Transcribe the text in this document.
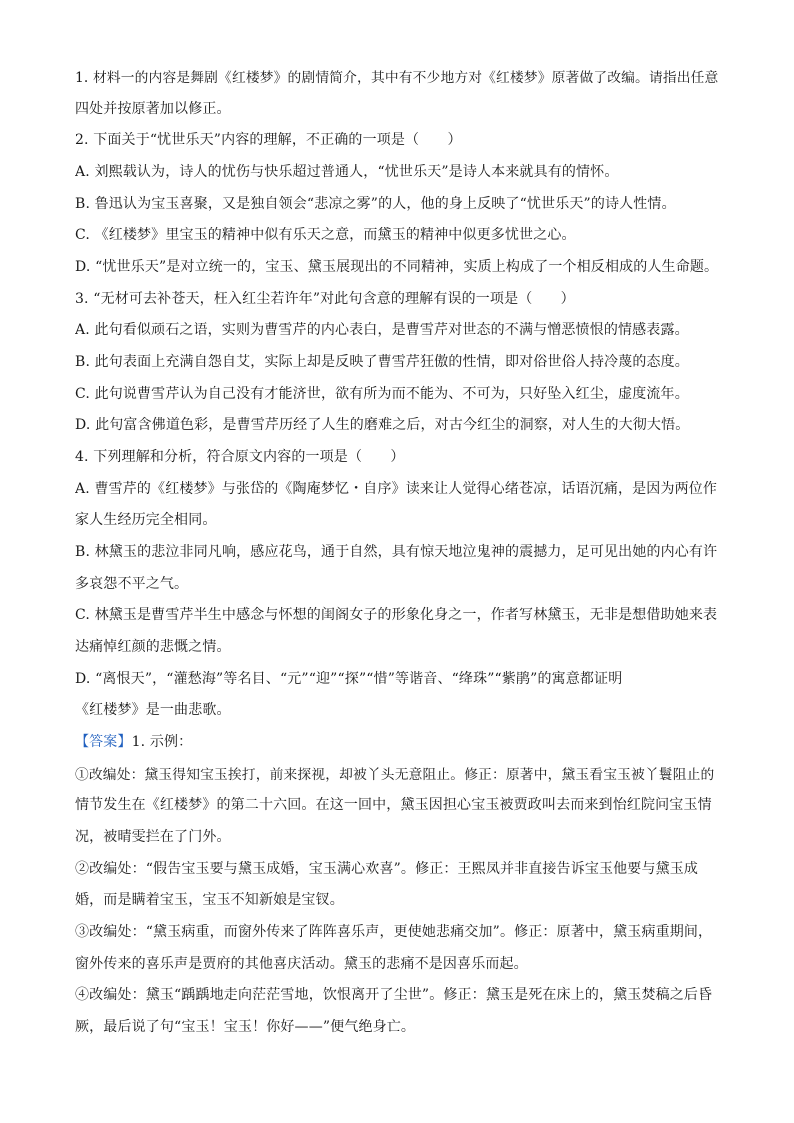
1. 材料一的内容是舞剧《红楼梦》的剧情简介，其中有不少地方对《红楼梦》原著做了改编。请指出任意
四处并按原著加以修正。
2. 下面关于“忧世乐天”内容的理解，不正确的一项是（　　）
A. 刘熙载认为，诗人的忧伤与快乐超过普通人，“忧世乐天”是诗人本来就具有的情怀。
B. 鲁迅认为宝玉喜聚，又是独自领会“悲凉之雾”的人，他的身上反映了“忧世乐天”的诗人性情。
C. 《红楼梦》里宝玉的精神中似有乐天之意，而黛玉的精神中似更多忧世之心。
D. “忧世乐天”是对立统一的，宝玉、黛玉展现出的不同精神，实质上构成了一个相反相成的人生命题。
3. “无材可去补苍天，枉入红尘若许年”对此句含意的理解有误的一项是（　　）
A. 此句看似顽石之语，实则为曹雪芹的内心表白，是曹雪芹对世态的不满与憎恶愤恨的情感表露。
B. 此句表面上充满自怨自艾，实际上却是反映了曹雪芹狂傲的性情，即对俗世俗人持冷蔑的态度。
C. 此句说曹雪芹认为自己没有才能济世，欲有所为而不能为、不可为，只好坠入红尘，虚度流年。
D. 此句富含佛道色彩，是曹雪芹历经了人生的磨难之后，对古今红尘的洞察，对人生的大彻大悟。
4. 下列理解和分析，符合原文内容的一项是（　　）
A. 曹雪芹的《红楼梦》与张岱的《陶庵梦忆・自序》读来让人觉得心绪苍凉，话语沉痛，是因为两位作
家人生经历完全相同。
B. 林黛玉的悲泣非同凡响，感应花鸟，通于自然，具有惊天地泣鬼神的震撼力，足可见出她的内心有许
多哀怨不平之气。
C. 林黛玉是曹雪芹半生中感念与怀想的闺阁女子的形象化身之一，作者写林黛玉，无非是想借助她来表
达痛悼红颜的悲慨之情。
D. “离恨天”，“灌愁海”等名目、“元”“迎”“探”“惜”等谐音、“绛珠”“紫鹃”的寓意都证明
《红楼梦》是一曲悲歌。
【答案】1. 示例：
①改编处：黛玉得知宝玉挨打，前来探视，却被丫头无意阻止。修正：原著中，黛玉看宝玉被丫鬟阻止的
情节发生在《红楼梦》的第二十六回。在这一回中，黛玉因担心宝玉被贾政叫去而来到怡红院问宝玉情
况，被晴雯拦在了门外。
②改编处：“假告宝玉要与黛玉成婚，宝玉满心欢喜”。修正：王熙凤并非直接告诉宝玉他要与黛玉成
婚，而是瞒着宝玉，宝玉不知新娘是宝钗。
③改编处：“黛玉病重，而窗外传来了阵阵喜乐声，更使她悲痛交加”。修正：原著中，黛玉病重期间，
窗外传来的喜乐声是贾府的其他喜庆活动。黛玉的悲痛不是因喜乐而起。
④改编处：黛玉“踽踽地走向茫茫雪地，饮恨离开了尘世”。修正：黛玉是死在床上的，黛玉焚稿之后昏
厥，最后说了句“宝玉！宝玉！你好——”便气绝身亡。
